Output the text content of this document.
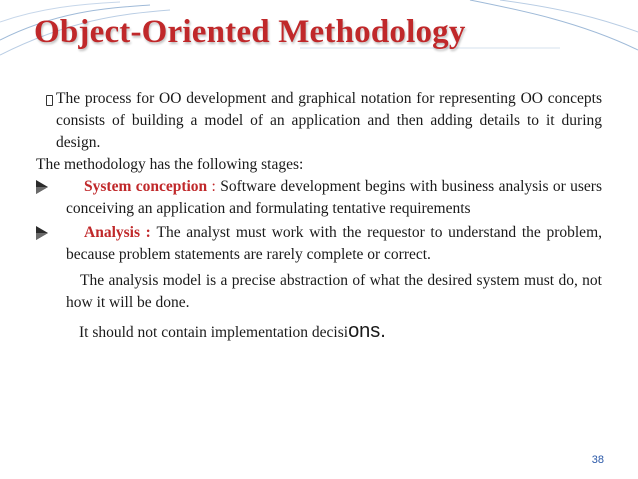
Object-Oriented Methodology
The process for OO development and graphical notation for representing OO concepts consists of building a model of an application and then adding details to it during design.
The methodology has the following stages:
System conception : Software development begins with business analysis or users conceiving an application and formulating tentative requirements
Analysis : The analyst must work with the requestor to understand the problem, because problem statements are rarely complete or correct.
The analysis model is a precise abstraction of what the desired system must do, not how it will be done.
It should not contain implementation decisions.
38
